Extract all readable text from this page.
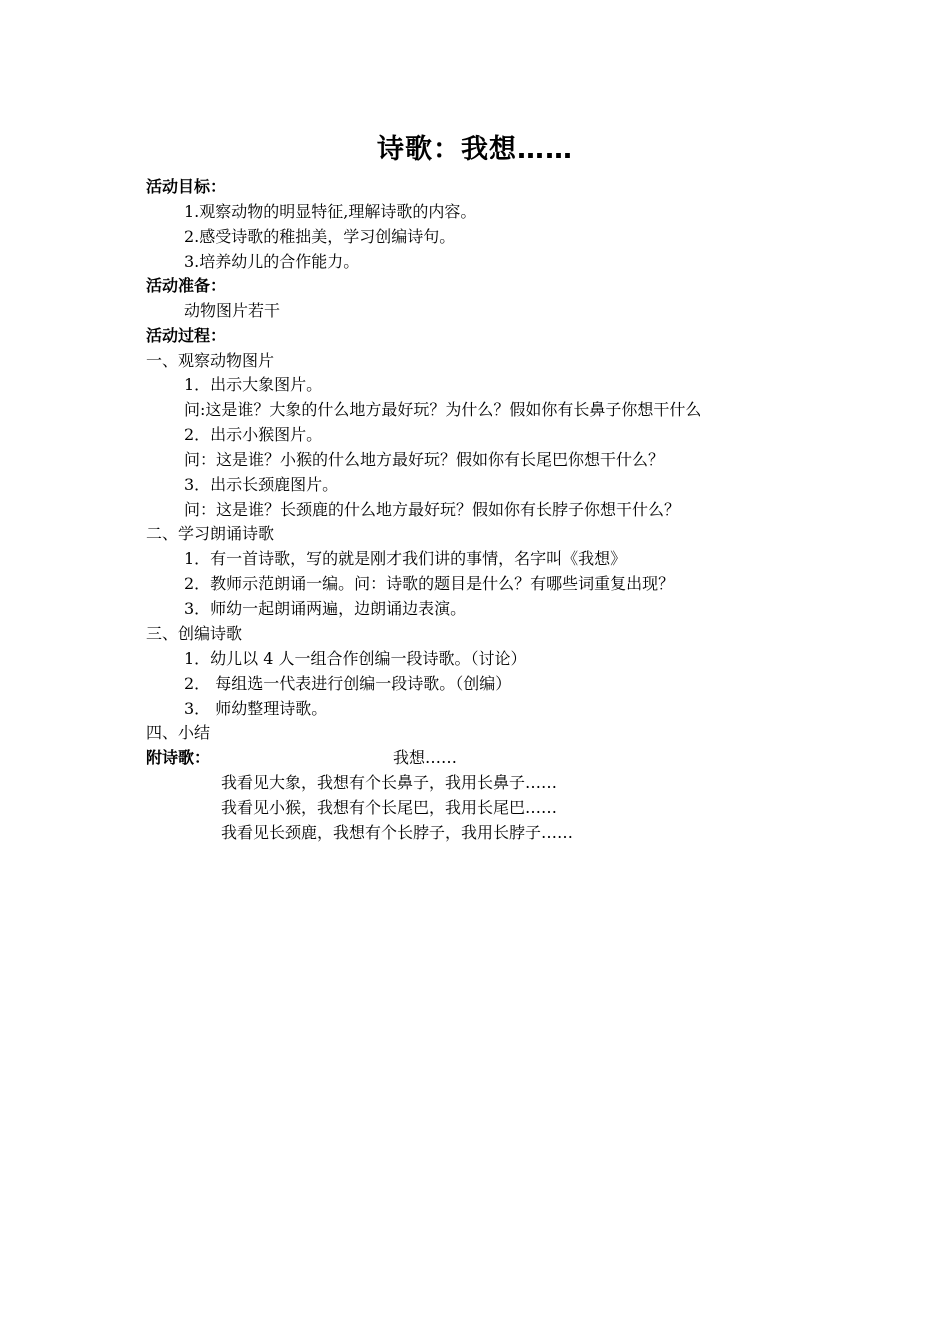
诗歌：我想……
活动目标：
1.观察动物的明显特征,理解诗歌的内容。
2.感受诗歌的稚拙美，学习创编诗句。
3.培养幼儿的合作能力。
活动准备：
动物图片若干
活动过程：
一、观察动物图片
1．出示大象图片。
问:这是谁？大象的什么地方最好玩？为什么？假如你有长鼻子你想干什么
2．出示小猴图片。
问：这是谁？小猴的什么地方最好玩？假如你有长尾巴你想干什么？
3．出示长颈鹿图片。
问：这是谁？长颈鹿的什么地方最好玩？假如你有长脖子你想干什么？
二、学习朗诵诗歌
1．有一首诗歌，写的就是刚才我们讲的事情，名字叫《我想》
2．教师示范朗诵一编。问：诗歌的题目是什么？有哪些词重复出现？
3．师幼一起朗诵两遍，边朗诵边表演。
三、创编诗歌
1．幼儿以 4 人一组合作创编一段诗歌。（讨论）
2． 每组选一代表进行创编一段诗歌。（创编）
3． 师幼整理诗歌。
四、小结
附诗歌：	我想……
我看见大象，我想有个长鼻子，我用长鼻子……
我看见小猴，我想有个长尾巴，我用长尾巴……
我看见长颈鹿，我想有个长脖子，我用长脖子……
